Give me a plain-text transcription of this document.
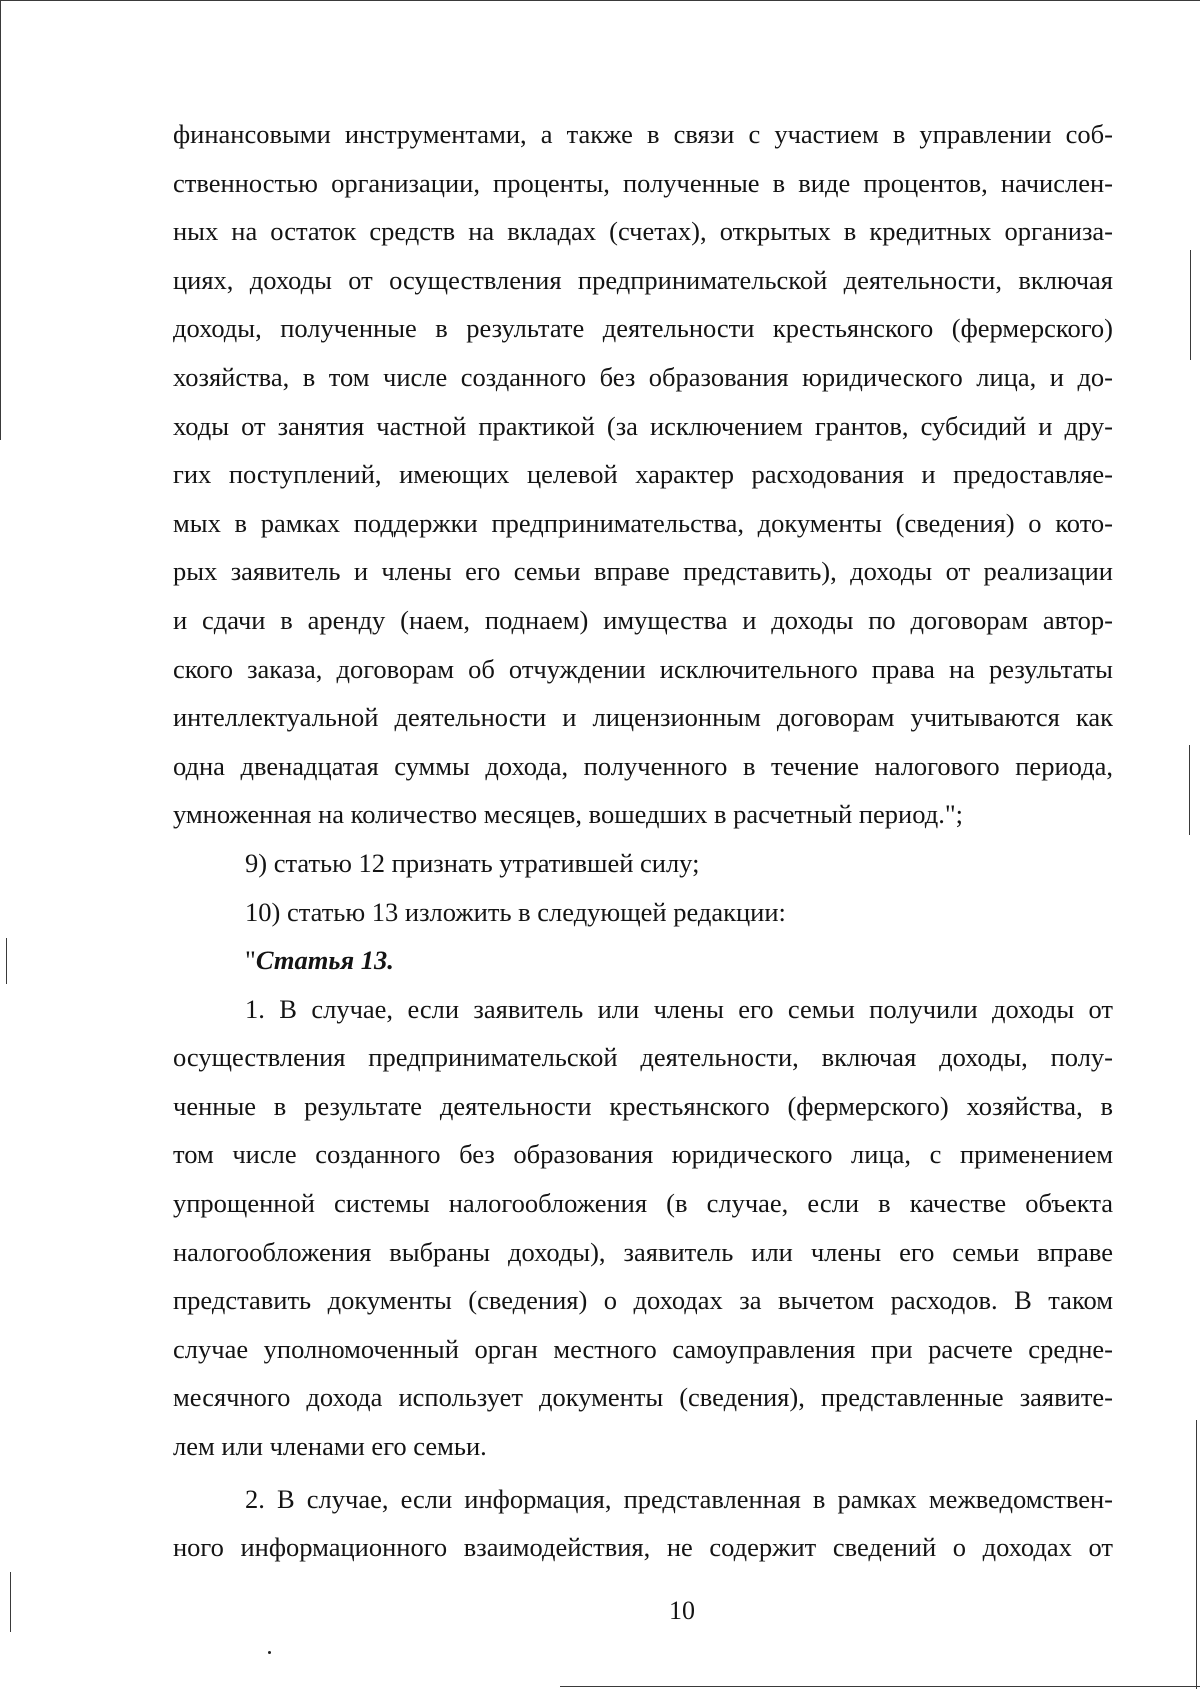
финансовыми инструментами, а также в связи с участием в управлении соб-
ственностью организации, проценты, полученные в виде процентов, начислен-
ных на остаток средств на вкладах (счетах), открытых в кредитных организа-
циях, доходы от осуществления предпринимательской деятельности, включая
доходы, полученные в результате деятельности крестьянского (фермерского)
хозяйства, в том числе созданного без образования юридического лица, и до-
ходы от занятия частной практикой (за исключением грантов, субсидий и дру-
гих поступлений, имеющих целевой характер расходования и предоставляе-
мых в рамках поддержки предпринимательства, документы (сведения) о кото-
рых заявитель и члены его семьи вправе представить), доходы от реализации
и сдачи в аренду (наем, поднаем) имущества и доходы по договорам автор-
ского заказа, договорам об отчуждении исключительного права на результаты
интеллектуальной деятельности и лицензионным договорам учитываются как
одна двенадцатая суммы дохода, полученного в течение налогового периода,
умноженная на количество месяцев, вошедших в расчетный период.";
9) статью 12 признать утратившей силу;
10) статью 13 изложить в следующей редакции:
"Статья 13.
1. В случае, если заявитель или члены его семьи получили доходы от
осуществления предпринимательской деятельности, включая доходы, полу-
ченные в результате деятельности крестьянского (фермерского) хозяйства, в
том числе созданного без образования юридического лица, с применением
упрощенной системы налогообложения (в случае, если в качестве объекта
налогообложения выбраны доходы), заявитель или члены его семьи вправе
представить документы (сведения) о доходах за вычетом расходов. В таком
случае уполномоченный орган местного самоуправления при расчете средне-
месячного дохода использует документы (сведения), представленные заявите-
лем или членами его семьи.
2. В случае, если информация, представленная в рамках межведомствен-
ного информационного взаимодействия, не содержит сведений о доходах от
10
